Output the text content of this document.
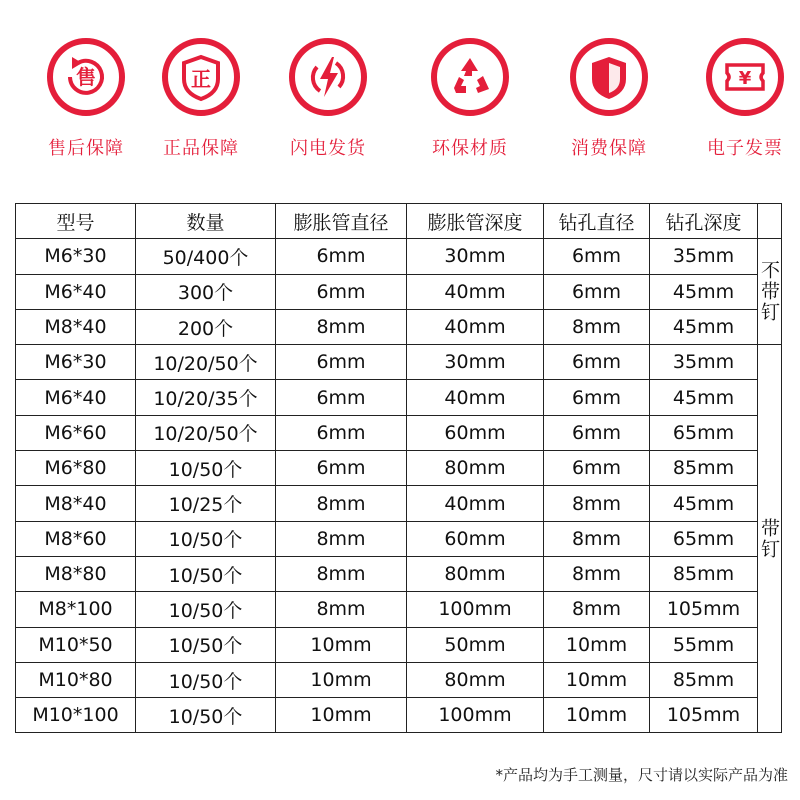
售
售后保障
正
正品保障	闪电发货	环保材质	消费保障
¥
电子发票
型号	数量	膨胀管直径	膨胀管深度	钻孔直径	钻孔深度	
M6*30	50/400个	6mm	30mm	6mm	35mm	不带钉
M6*40	300个	6mm	40mm	6mm	45mm	
M8*40	200个	8mm	40mm	8mm	45mm	
M6*30	10/20/50个	6mm	30mm	6mm	35mm	带钉
M6*40	10/20/35个	6mm	40mm	6mm	45mm	
M6*60	10/20/50个	6mm	60mm	6mm	65mm	
M6*80	10/50个	6mm	80mm	6mm	85mm	
M8*40	10/25个	8mm	40mm	8mm	45mm	
M8*60	10/50个	8mm	60mm	8mm	65mm	
M8*80	10/50个	8mm	80mm	8mm	85mm	
M8*100	10/50个	8mm	100mm	8mm	105mm	
M10*50	10/50个	10mm	50mm	10mm	55mm	
M10*80	10/50个	10mm	80mm	10mm	85mm	
M10*100	10/50个	10mm	100mm	10mm	105mm	
*产品均为手工测量，尺寸请以实际产品为准
